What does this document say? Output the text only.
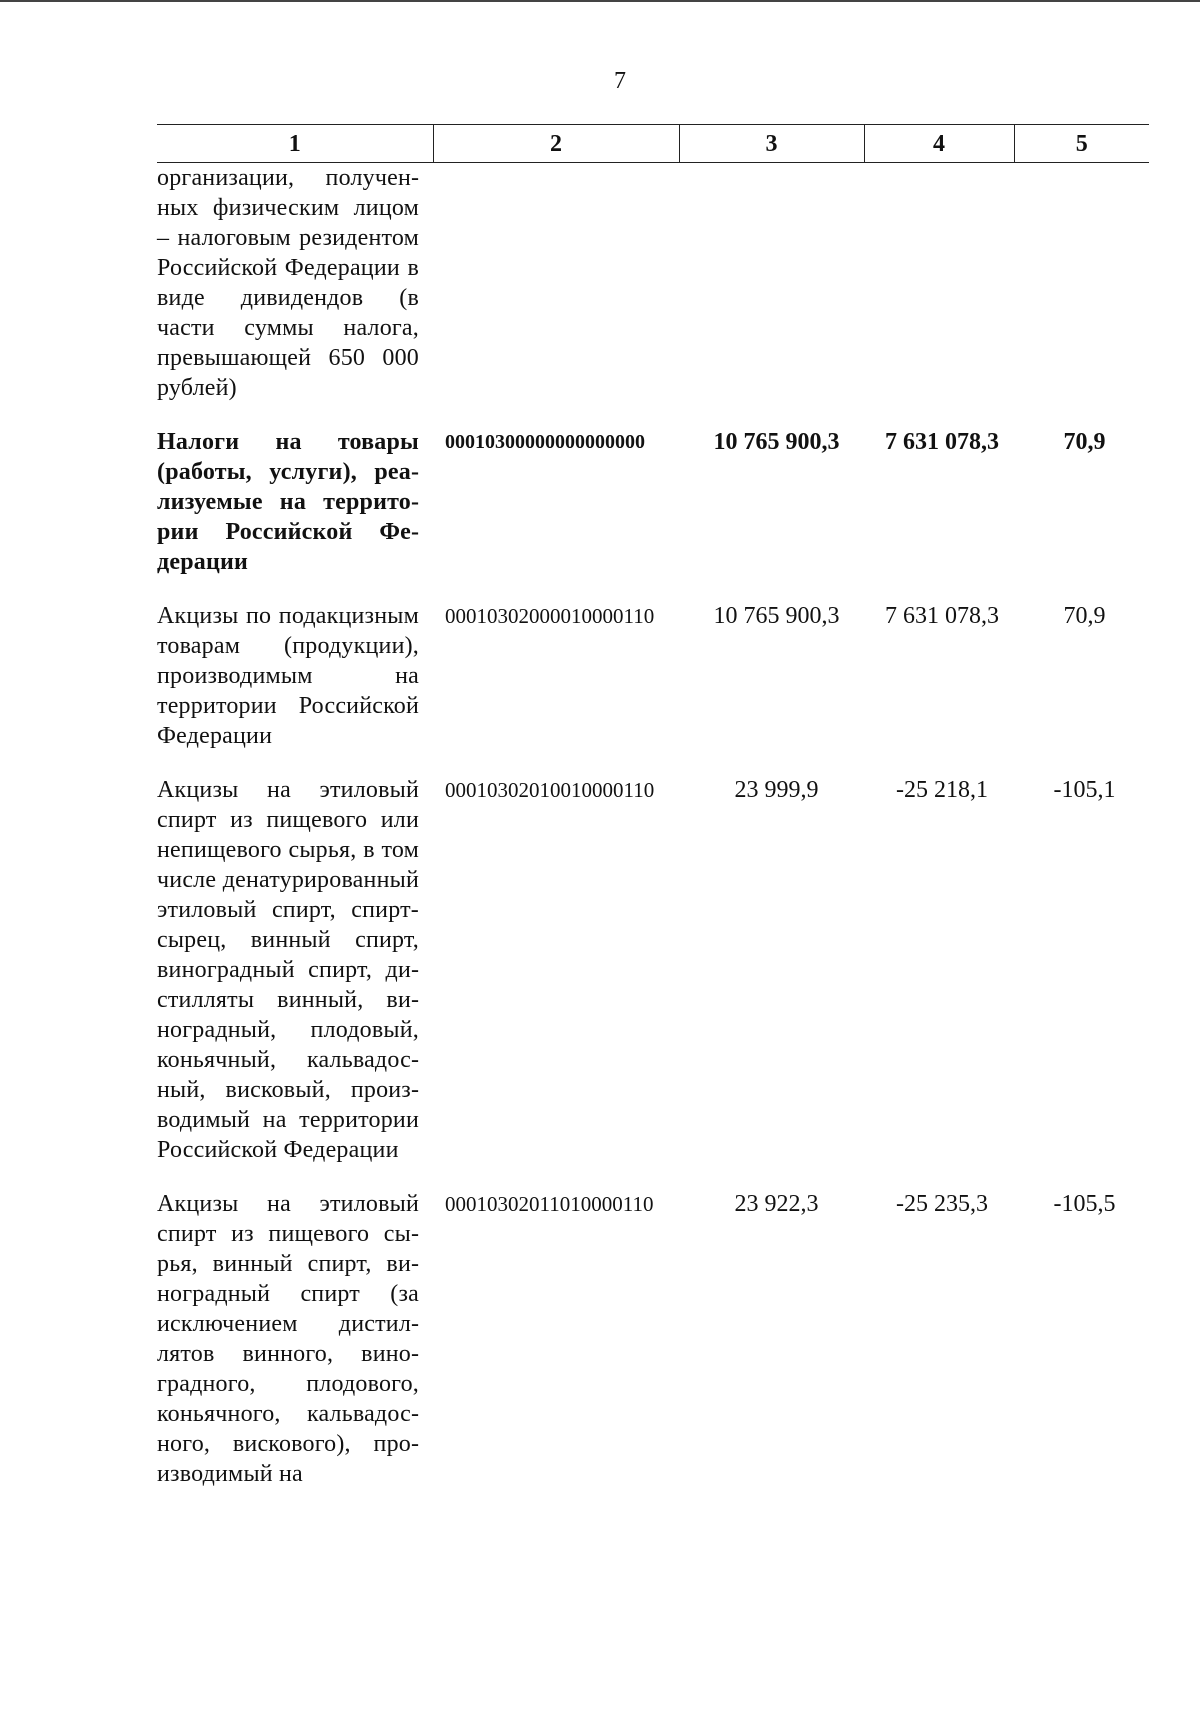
7
1	2	3	4	5
организации, полученных физическим лицом – налоговым резидентом Российской Федерации в виде дивидендов (в части суммы налога, превышающей 650 000 рублей)				
Налоги на товары (работы, услуги), реализуемые на территории Российской Федерации	00010300000000000000	10 765 900,3	7 631 078,3	70,9
Акцизы по подакцизным товарам (продукции), производимым на территории Российской Федерации	00010302000010000110	10 765 900,3	7 631 078,3	70,9
Акцизы на этиловый спирт из пищевого или непищевого сырья, в том числе денатурированный этиловый спирт, спирт-сырец, винный спирт, виноградный спирт, дистилляты винный, виноградный, плодовый, коньячный, кальвадосный, висковый, производимый на территории Российской Федерации	00010302010010000110	23 999,9	-25 218,1	-105,1
Акцизы на этиловый спирт из пищевого сырья, винный спирт, виноградный спирт (за исключением дистиллятов винного, виноградного, плодового, коньячного, кальвадосного, вискового), производимый на	00010302011010000110	23 922,3	-25 235,3	-105,5
